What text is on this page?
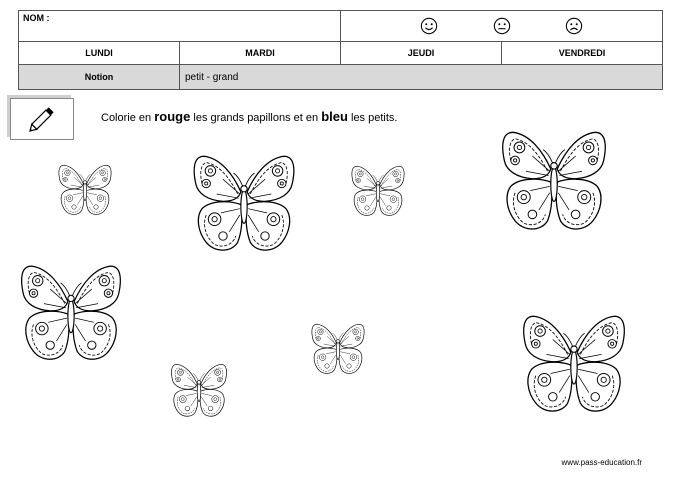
NOM :	
LUNDI	MARDI	JEUDI	VENDREDI
Notion	petit - grand		
Colorie en rouge les grands papillons et en bleu les petits.
www.pass-education.fr
